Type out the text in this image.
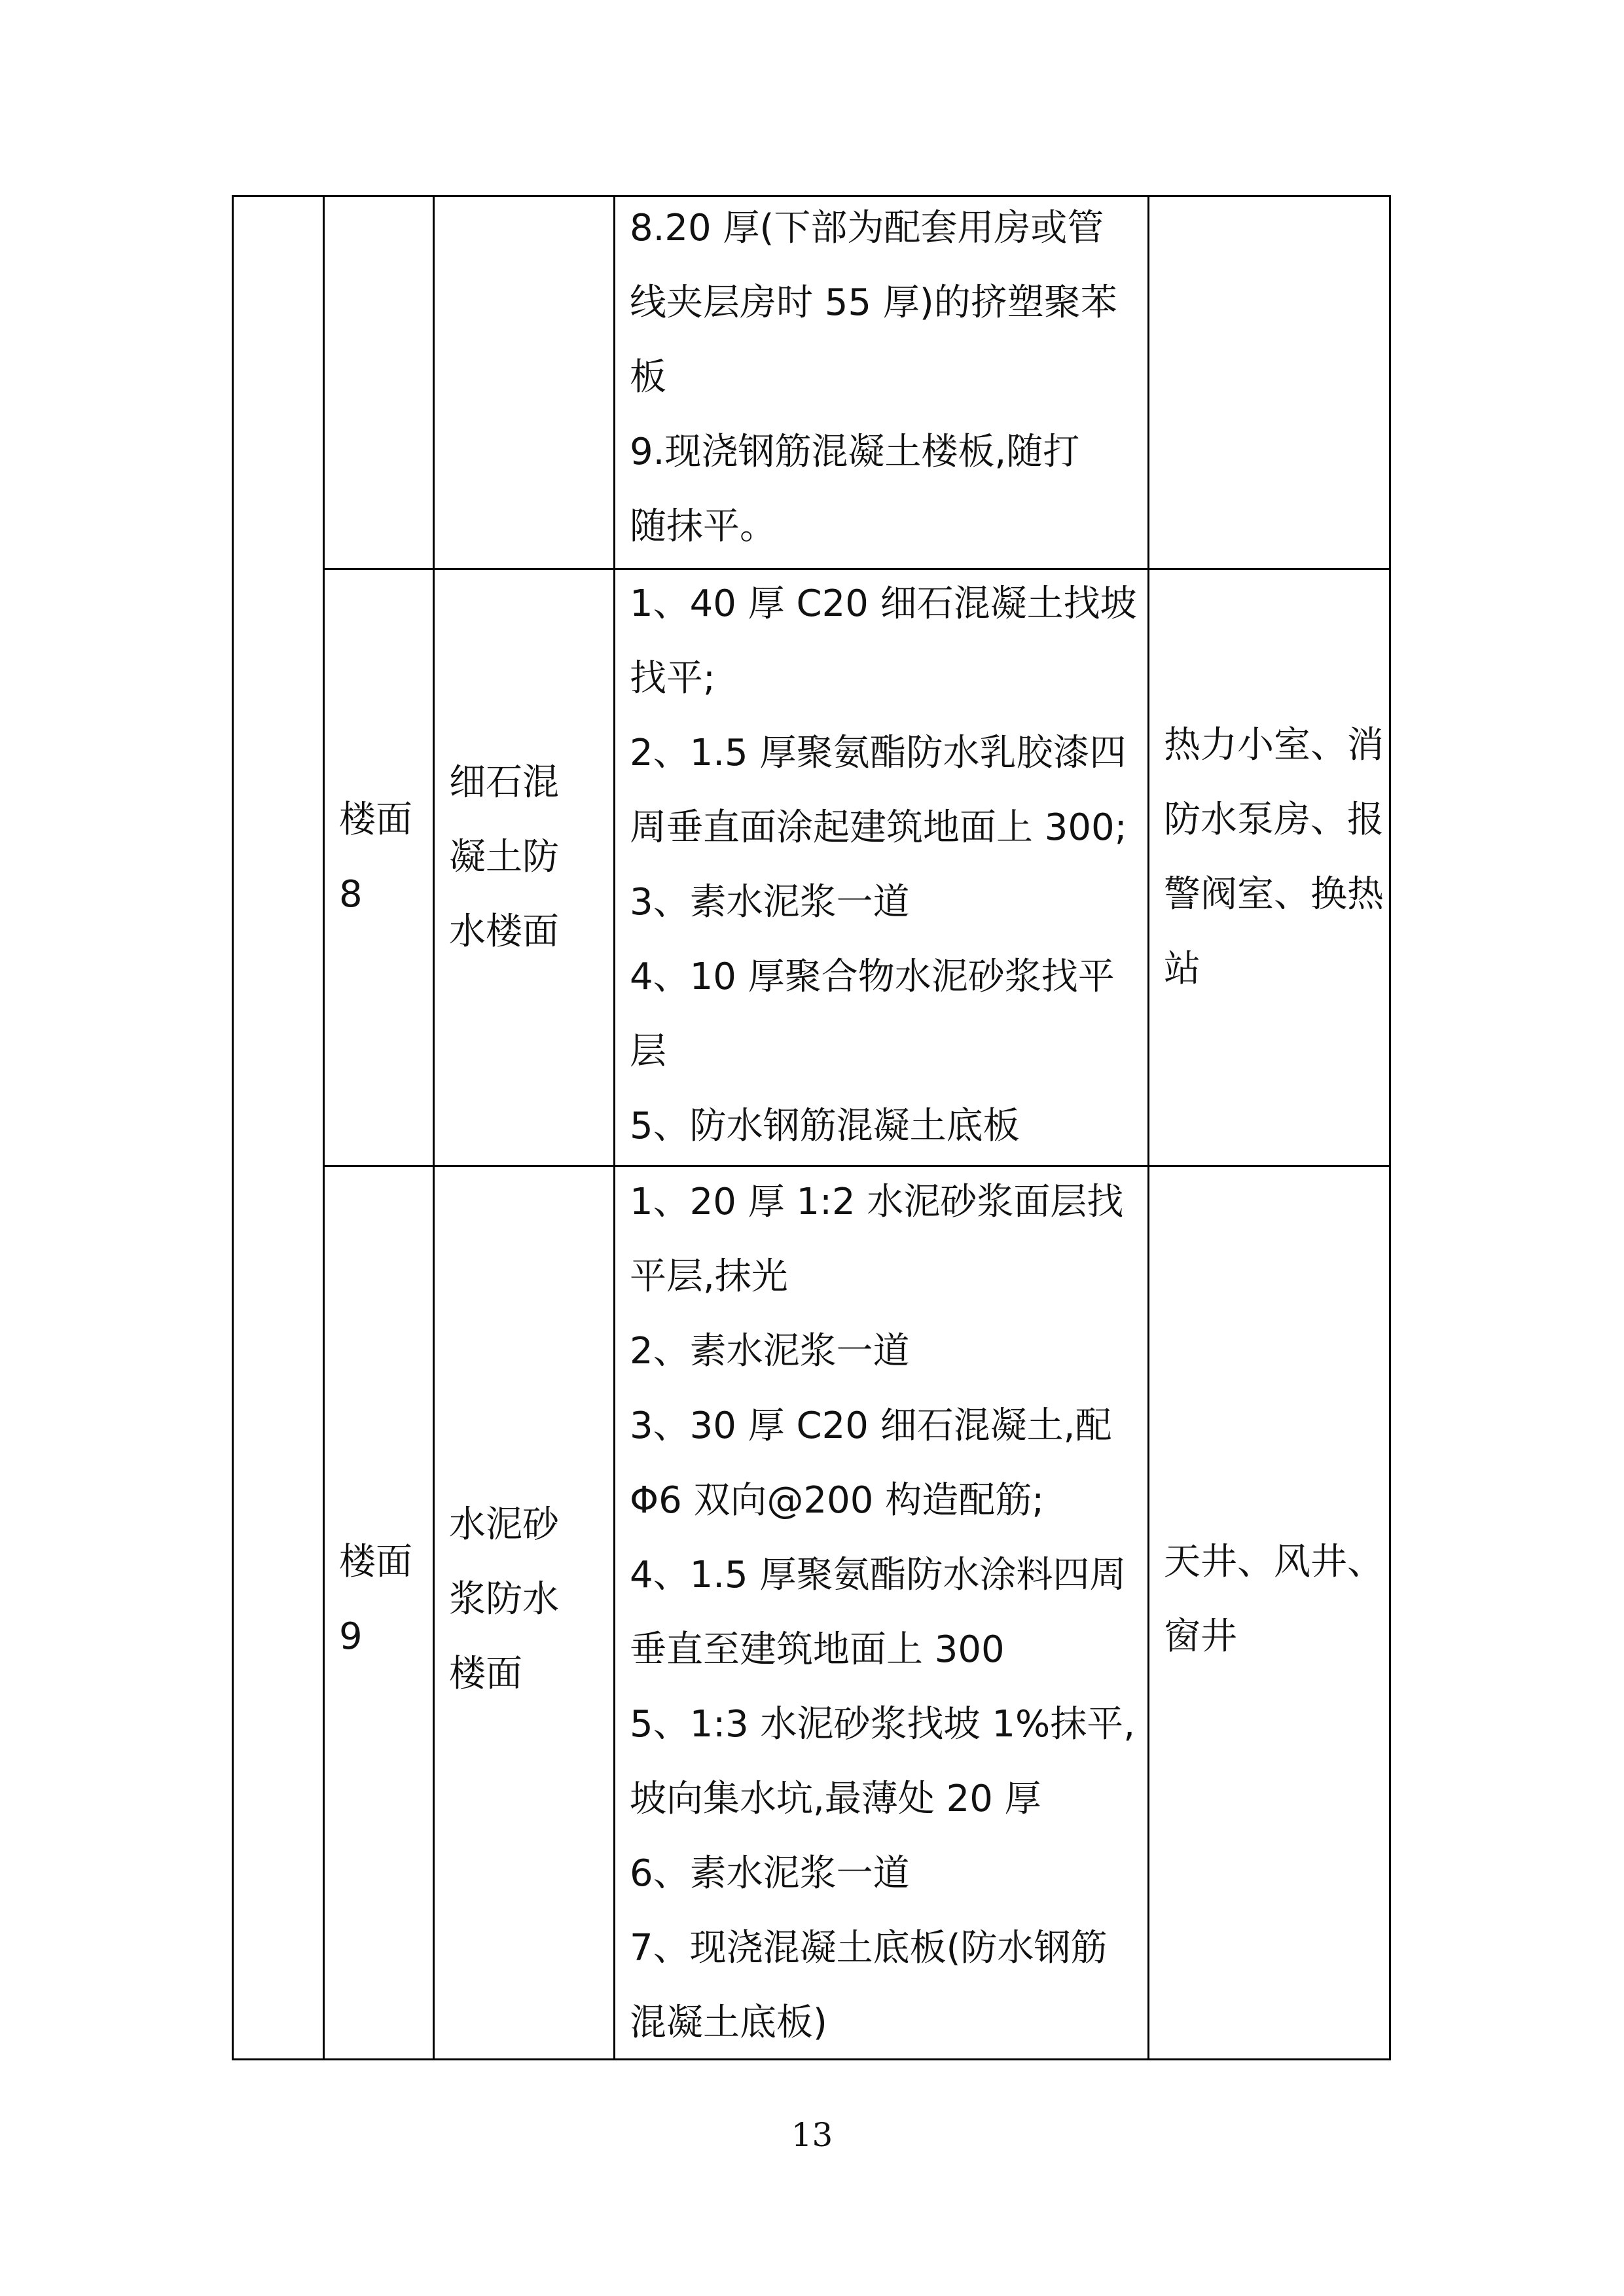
8.20 厚(下部为配套用房或管
线夹层房时 55 厚)的挤塑聚苯
板
9.现浇钢筋混凝土楼板,随打
随抹平。
楼面
8
细石混
凝土防
水楼面
1、40 厚 C20 细石混凝土找坡
找平;
2、1.5 厚聚氨酯防水乳胶漆四
周垂直面涂起建筑地面上 300;
3、素水泥浆一道
4、10 厚聚合物水泥砂浆找平
层
5、防水钢筋混凝土底板
热力小室、消
防水泵房、报
警阀室、换热
站
楼面
9
水泥砂
浆防水
楼面
1、20 厚 1:2 水泥砂浆面层找
平层,抹光
2、素水泥浆一道
3、30 厚 C20 细石混凝土,配
Φ6 双向@200 构造配筋;
4、1.5 厚聚氨酯防水涂料四周
垂直至建筑地面上 300
5、1:3 水泥砂浆找坡 1%抹平,
坡向集水坑,最薄处 20 厚
6、素水泥浆一道
7、现浇混凝土底板(防水钢筋
混凝土底板)
天井、风井、
窗井
13
